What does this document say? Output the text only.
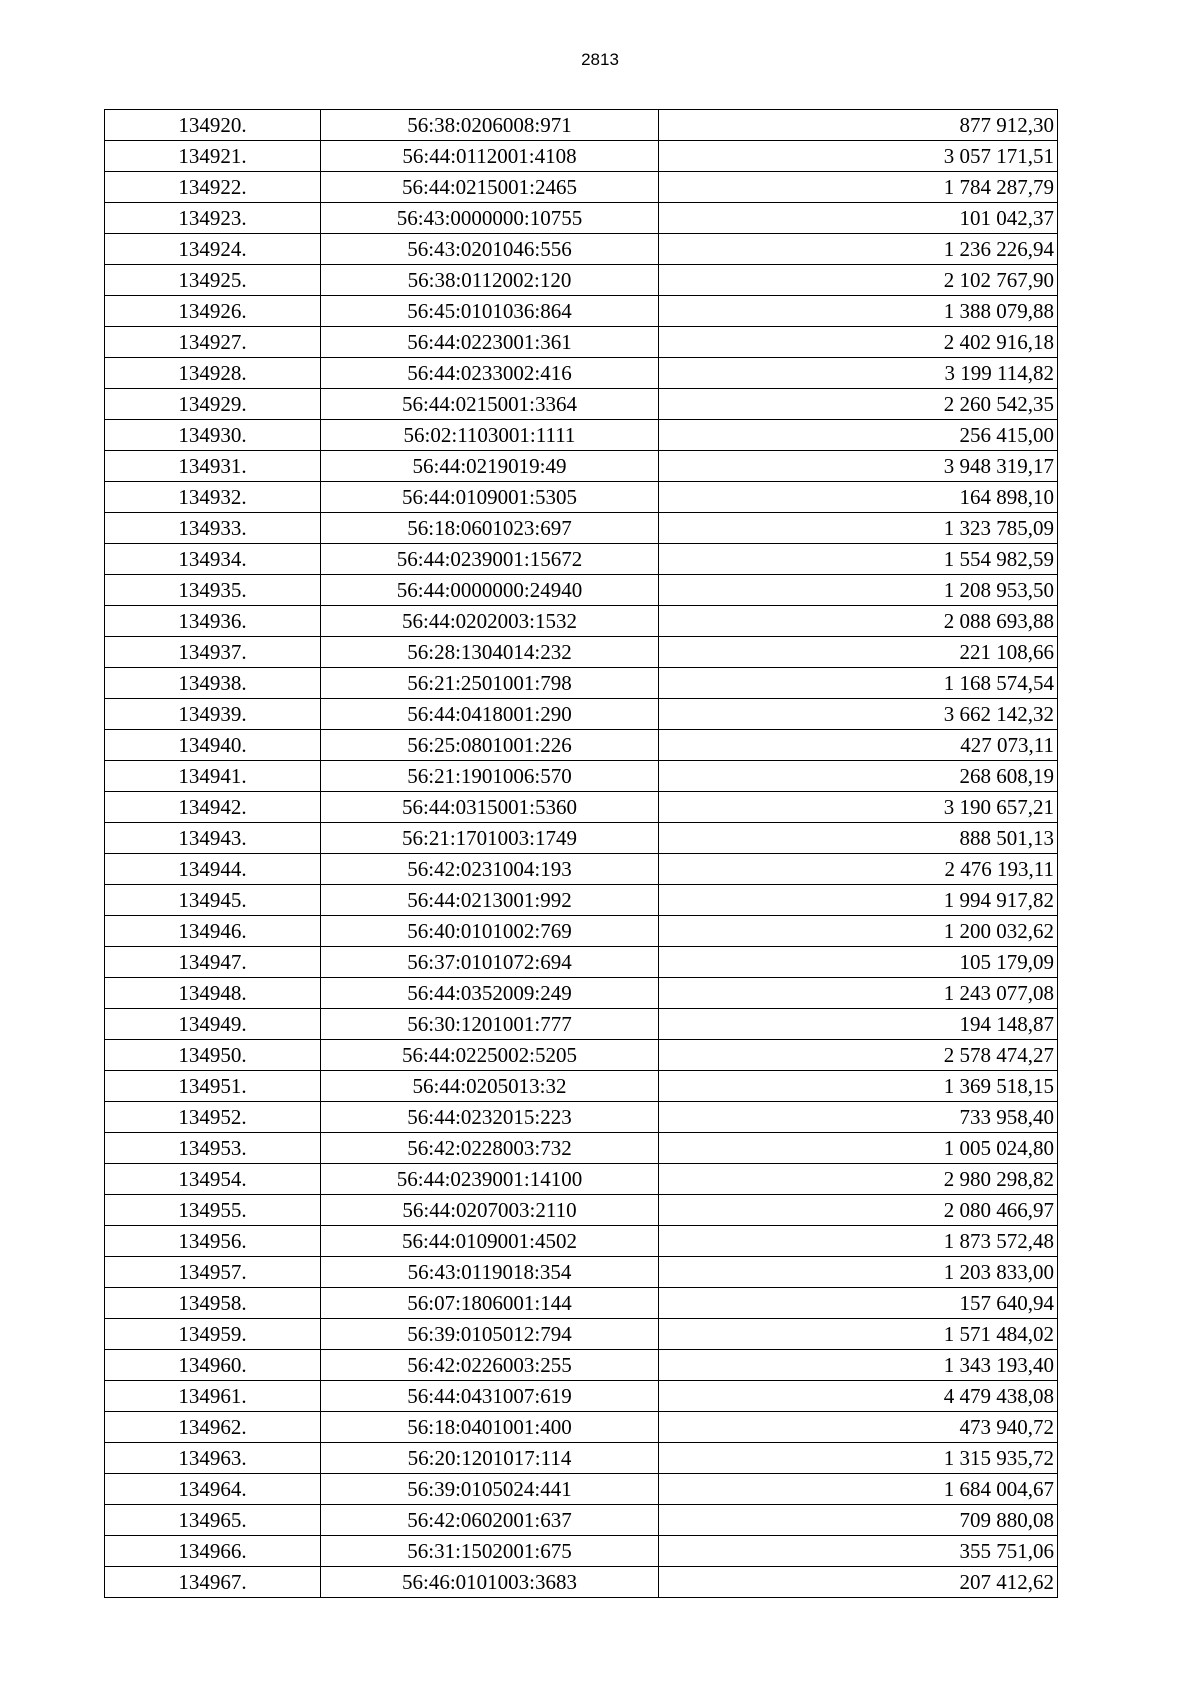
2813
134920.	56:38:0206008:971	877 912,30
134921.	56:44:0112001:4108	3 057 171,51
134922.	56:44:0215001:2465	1 784 287,79
134923.	56:43:0000000:10755	101 042,37
134924.	56:43:0201046:556	1 236 226,94
134925.	56:38:0112002:120	2 102 767,90
134926.	56:45:0101036:864	1 388 079,88
134927.	56:44:0223001:361	2 402 916,18
134928.	56:44:0233002:416	3 199 114,82
134929.	56:44:0215001:3364	2 260 542,35
134930.	56:02:1103001:1111	256 415,00
134931.	56:44:0219019:49	3 948 319,17
134932.	56:44:0109001:5305	164 898,10
134933.	56:18:0601023:697	1 323 785,09
134934.	56:44:0239001:15672	1 554 982,59
134935.	56:44:0000000:24940	1 208 953,50
134936.	56:44:0202003:1532	2 088 693,88
134937.	56:28:1304014:232	221 108,66
134938.	56:21:2501001:798	1 168 574,54
134939.	56:44:0418001:290	3 662 142,32
134940.	56:25:0801001:226	427 073,11
134941.	56:21:1901006:570	268 608,19
134942.	56:44:0315001:5360	3 190 657,21
134943.	56:21:1701003:1749	888 501,13
134944.	56:42:0231004:193	2 476 193,11
134945.	56:44:0213001:992	1 994 917,82
134946.	56:40:0101002:769	1 200 032,62
134947.	56:37:0101072:694	105 179,09
134948.	56:44:0352009:249	1 243 077,08
134949.	56:30:1201001:777	194 148,87
134950.	56:44:0225002:5205	2 578 474,27
134951.	56:44:0205013:32	1 369 518,15
134952.	56:44:0232015:223	733 958,40
134953.	56:42:0228003:732	1 005 024,80
134954.	56:44:0239001:14100	2 980 298,82
134955.	56:44:0207003:2110	2 080 466,97
134956.	56:44:0109001:4502	1 873 572,48
134957.	56:43:0119018:354	1 203 833,00
134958.	56:07:1806001:144	157 640,94
134959.	56:39:0105012:794	1 571 484,02
134960.	56:42:0226003:255	1 343 193,40
134961.	56:44:0431007:619	4 479 438,08
134962.	56:18:0401001:400	473 940,72
134963.	56:20:1201017:114	1 315 935,72
134964.	56:39:0105024:441	1 684 004,67
134965.	56:42:0602001:637	709 880,08
134966.	56:31:1502001:675	355 751,06
134967.	56:46:0101003:3683	207 412,62
